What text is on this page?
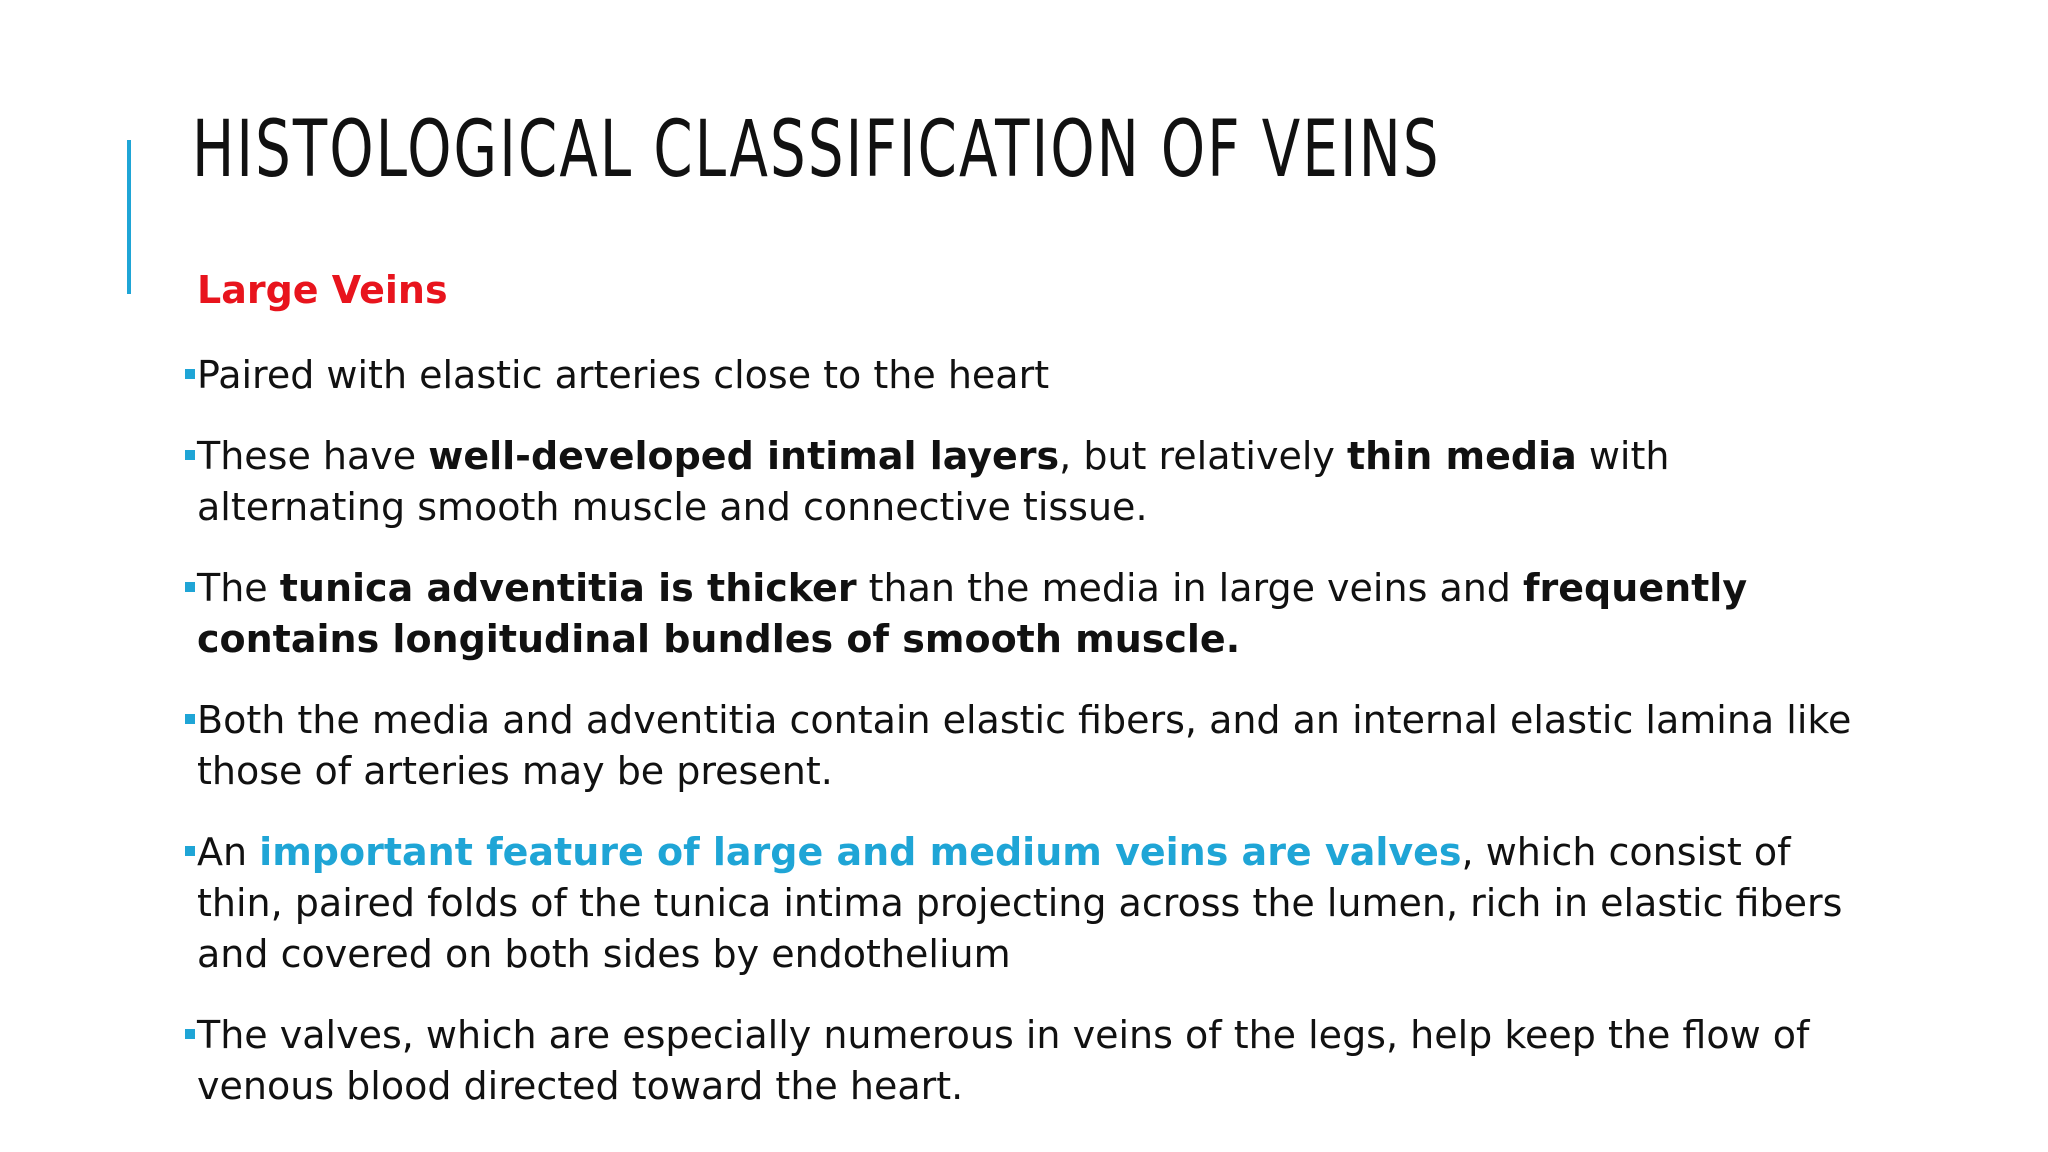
HISTOLOGICAL CLASSIFICATION OF VEINS
Large Veins
Paired with elastic arteries close to the heart
These have well-developed intimal layers, but relatively thin media with alternating smooth muscle and connective tissue.
The tunica adventitia is thicker than the media in large veins and frequently contains longitudinal bundles of smooth muscle.
Both the media and adventitia contain elastic fibers, and an internal elastic lamina like those of arteries may be present.
An important feature of large and medium veins are valves, which consist of thin, paired folds of the tunica intima projecting across the lumen, rich in elastic fibers and covered on both sides by endothelium
The valves, which are especially numerous in veins of the legs, help keep the flow of venous blood directed toward the heart.
